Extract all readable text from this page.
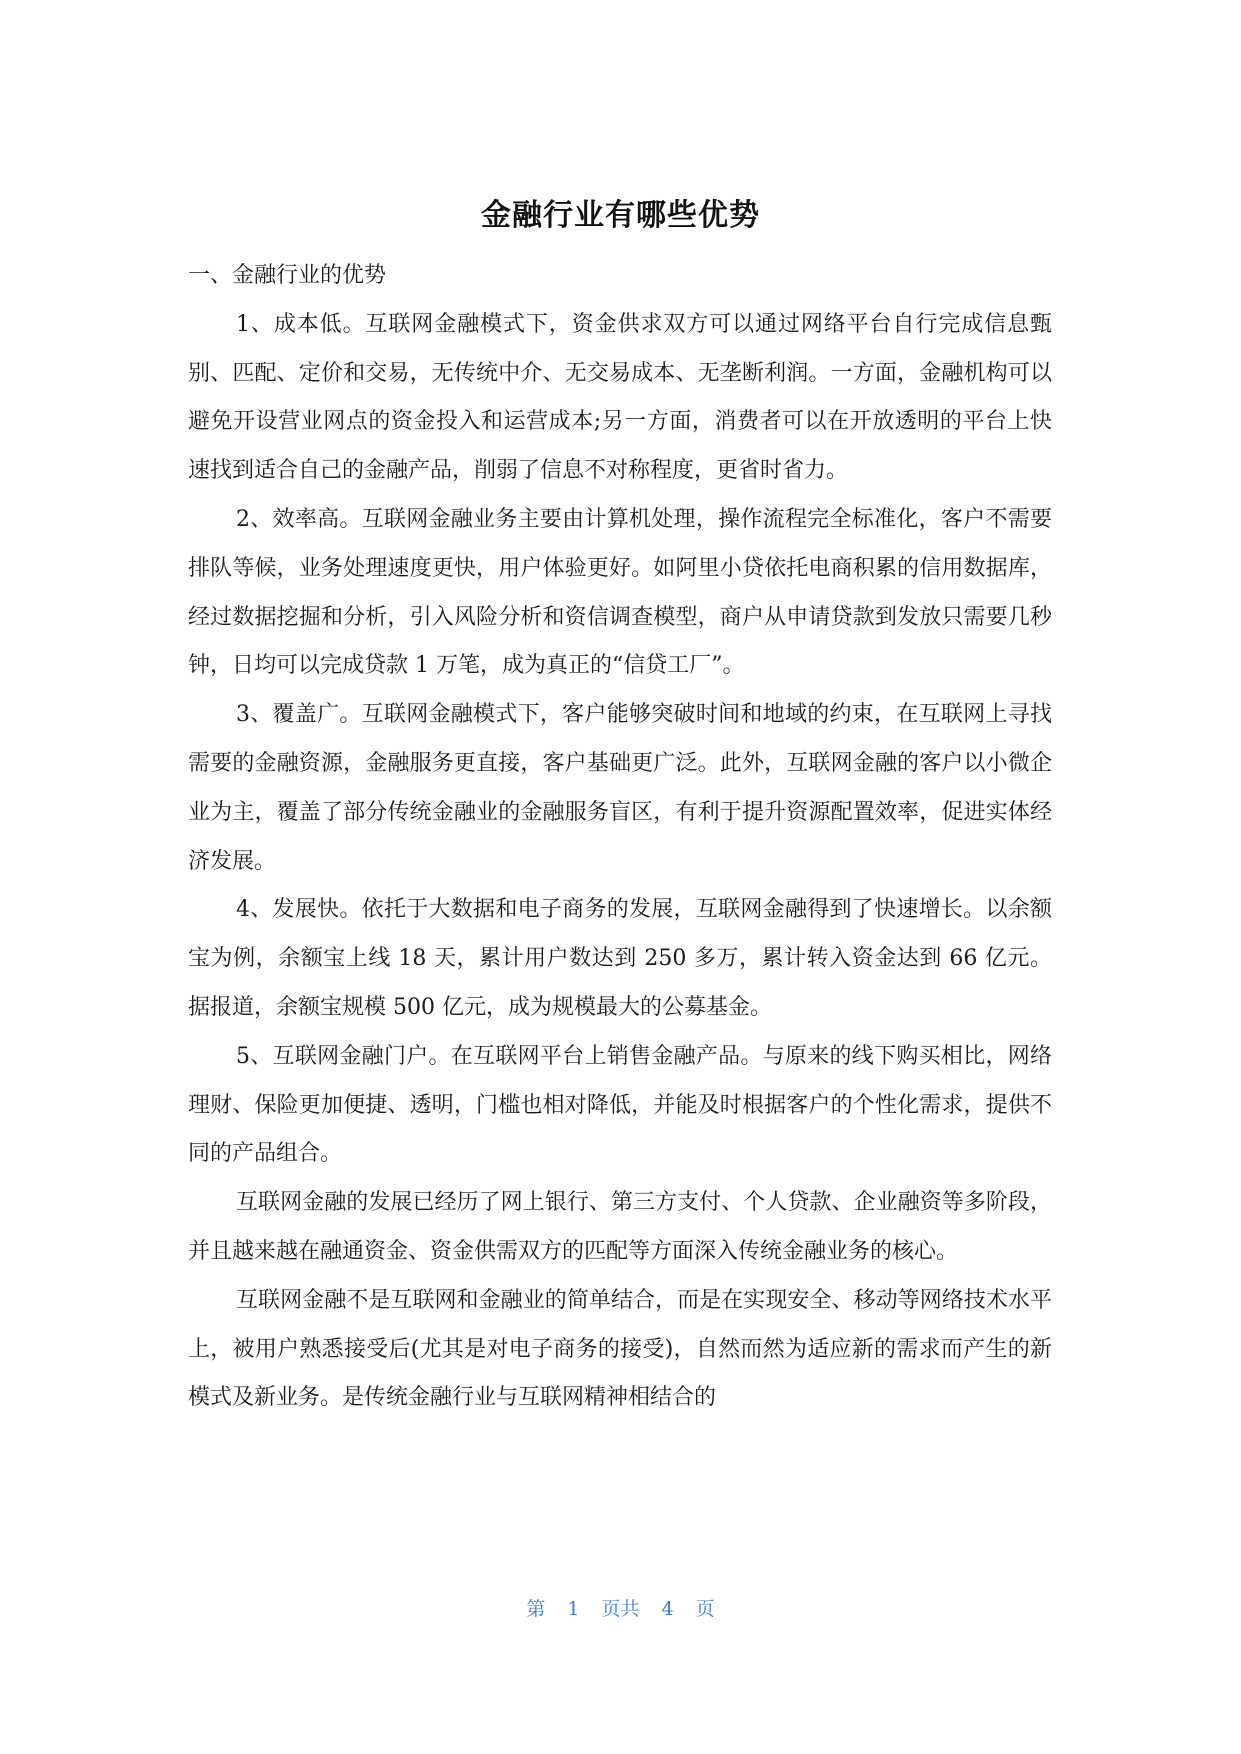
金融行业有哪些优势

一、金融行业的优势

1、成本低。互联网金融模式下，资金供求双方可以通过网络平台自行完成信息甄别、匹配、定价和交易，无传统中介、无交易成本、无垄断利润。一方面，金融机构可以避免开设营业网点的资金投入和运营成本;另一方面，消费者可以在开放透明的平台上快速找到适合自己的金融产品，削弱了信息不对称程度，更省时省力。

2、效率高。互联网金融业务主要由计算机处理，操作流程完全标准化，客户不需要排队等候，业务处理速度更快，用户体验更好。如阿里小贷依托电商积累的信用数据库，经过数据挖掘和分析，引入风险分析和资信调查模型，商户从申请贷款到发放只需要几秒钟，日均可以完成贷款 1 万笔，成为真正的“信贷工厂”。

3、覆盖广。互联网金融模式下，客户能够突破时间和地域的约束，在互联网上寻找需要的金融资源，金融服务更直接，客户基础更广泛。此外，互联网金融的客户以小微企业为主，覆盖了部分传统金融业的金融服务盲区，有利于提升资源配置效率，促进实体经济发展。

4、发展快。依托于大数据和电子商务的发展，互联网金融得到了快速增长。以余额宝为例，余额宝上线 18 天，累计用户数达到 250 多万，累计转入资金达到 66 亿元。据报道，余额宝规模 500 亿元，成为规模最大的公募基金。

5、互联网金融门户。在互联网平台上销售金融产品。与原来的线下购买相比，网络理财、保险更加便捷、透明，门槛也相对降低，并能及时根据客户的个性化需求，提供不同的产品组合。

互联网金融的发展已经历了网上银行、第三方支付、个人贷款、企业融资等多阶段，并且越来越在融通资金、资金供需双方的匹配等方面深入传统金融业务的核心。

互联网金融不是互联网和金融业的简单结合，而是在实现安全、移动等网络技术水平上，被用户熟悉接受后(尤其是对电子商务的接受)，自然而然为适应新的需求而产生的新模式及新业务。是传统金融行业与互联网精神相结合的

第 1 页共 4 页
